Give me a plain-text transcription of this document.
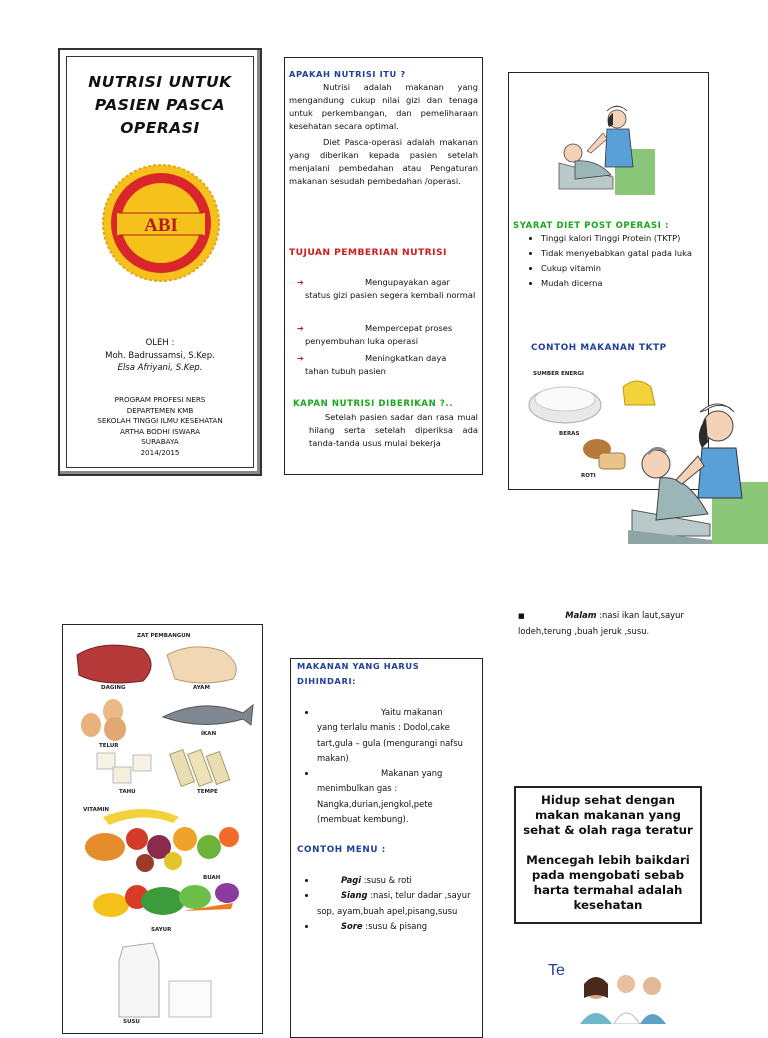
NUTRISI UNTUK
PASIEN PASCA
OPERASI
ABI
OLEH :
Moh. Badrussamsi, S.Kep.
Elsa Afriyani, S.Kep.
PROGRAM PROFESI NERS
DEPARTEMEN KMB
SEKOLAH TINGGI ILMU KESEHATAN
ARTHA BODHI ISWARA
SURABAYA
2014/2015
APAKAH NUTRISI ITU ?
Nutrisi adalah makanan yang mengandung cukup nilai gizi dan tenaga untuk perkembangan, dan pemeliharaan kesehatan secara optimal.
Diet Pasca-operasi adalah makanan yang diberikan kepada pasien setelah menjalani pembedahan atau Pengaturan makanan sesudah pembedahan /operasi.
TUJUAN PEMBERIAN NUTRISI
➔	Mengupayakan agar
status gizi pasien segera kembali normal
➔	Mempercepat proses
penyembuhan luka operasi
➔	Meningkatkan daya
tahan tubuh pasien
KAPAN NUTRISI DIBERIKAN ?..
Setelah pasien sadar dan rasa mual hilang serta setelah diperiksa ada tanda-tanda usus mulai bekerja
SYARAT DIET POST OPERASI :
• Tinggi kalori Tinggi Protein (TKTP)
• Tidak menyebabkan gatal pada luka
• Cukup vitamin
• Mudah dicerna
CONTOH MAKANAN TKTP
SUMBER ENERGI
BERAS
ROTI
ZAT PEMBANGUN
DAGING	AYAM
TELUR
IKAN
TAHU	TEMPE
VITAMIN
BUAH
SAYUR
SUSU
MAKANAN YANG HARUS
DIHINDARI:
• Yaitu makanan
yang terlalu manis : Dodol,cake tart,gula – gula (mengurangi nafsu makan)
• Makanan yang
menimbulkan gas : Nangka,durian,jengkol,pete (membuat kembung).
CONTOH MENU :
• Pagi :susu & roti
• Siang :nasi, telur dadar ,sayur sop, ayam,buah apel,pisang,susu
• Sore :susu & pisang
■	Malam :nasi ikan laut,sayur lodeh,terung ,buah jeruk ,susu.
Hidup sehat dengan makan makanan yang sehat & olah raga teratur
Mencegah lebih baikdari pada mengobati sebab harta termahal adalah kesehatan
Te
